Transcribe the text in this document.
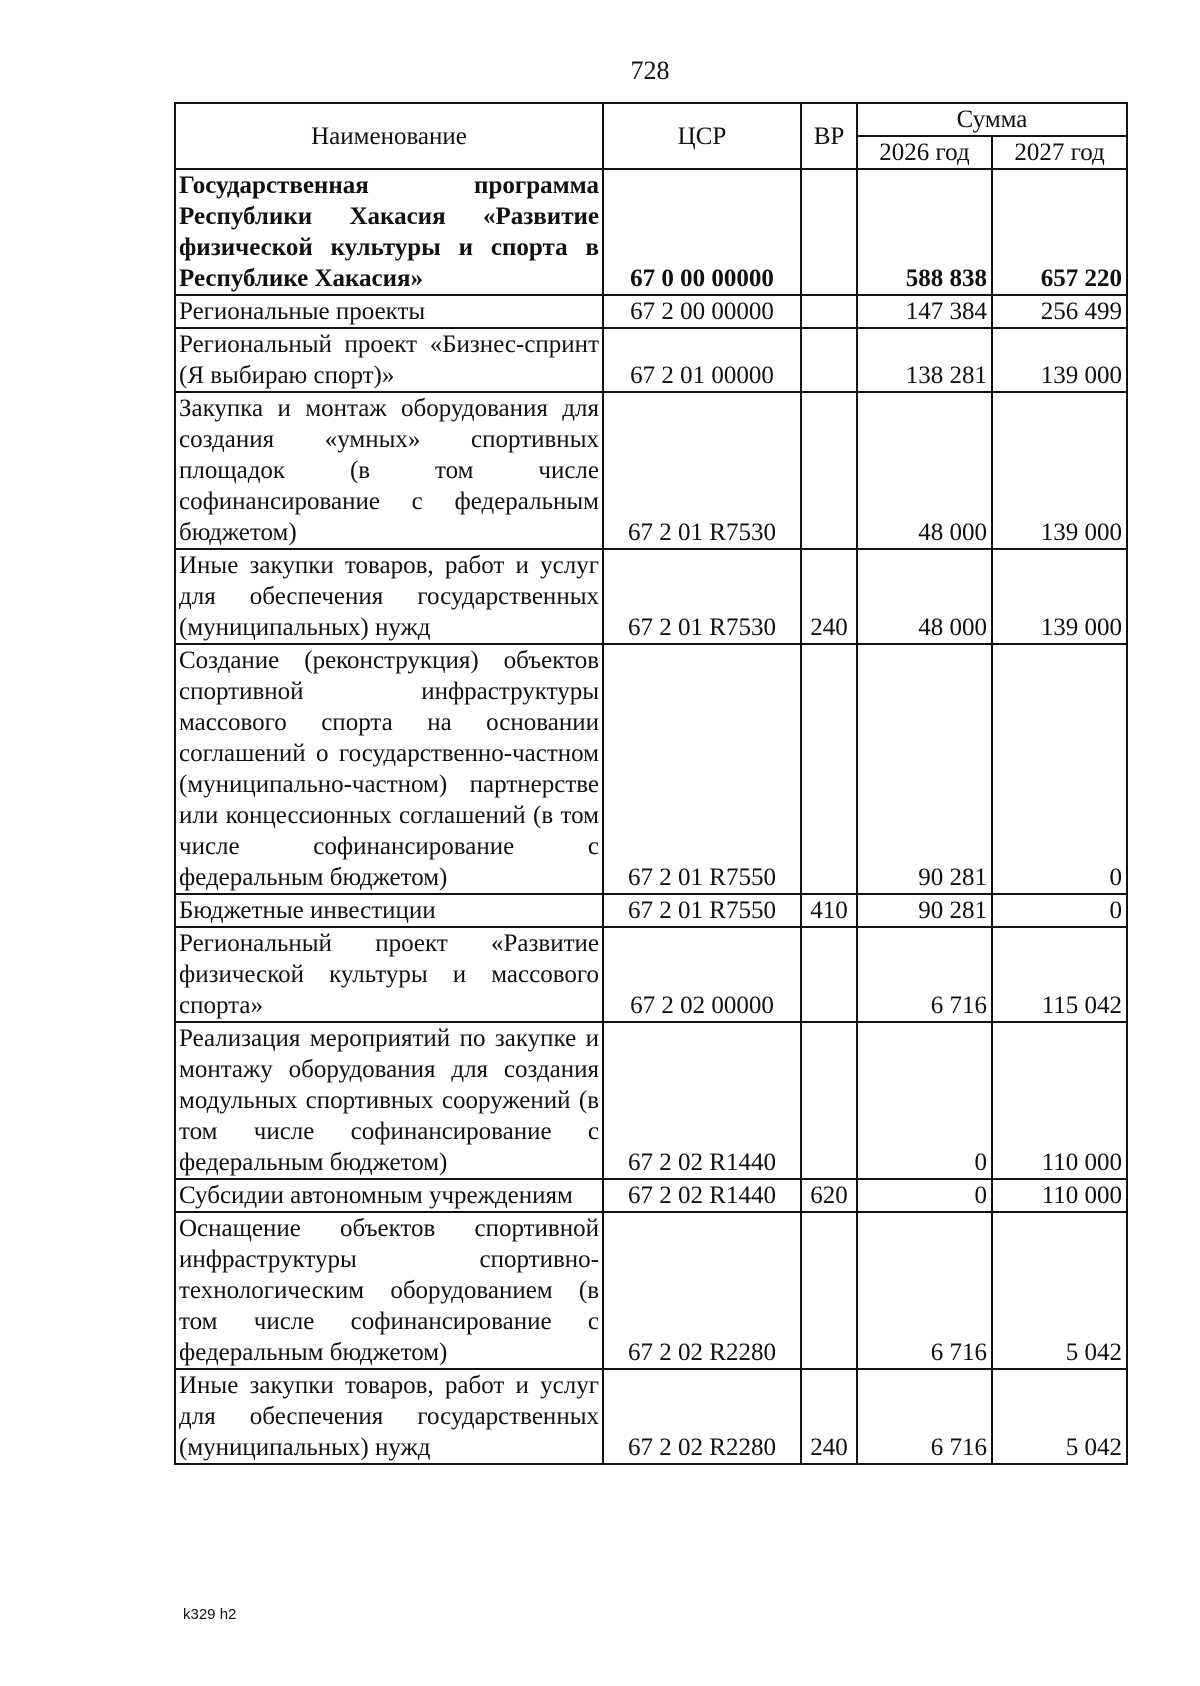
728
Наименование	ЦСР	ВР	Сумма	
			2026 год	2027 год
Государственная программа Республики Хакасия «Развитие физической культуры и спорта в Республике Хакасия»	67 0 00 00000		588 838	657 220
Региональные проекты	67 2 00 00000		147 384	256 499
Региональный проект «Бизнес-спринт (Я выбираю спорт)»	67 2 01 00000		138 281	139 000
Закупка и монтаж оборудования для создания «умных» спортивных площадок (в том числе софинансирование с федеральным бюджетом)	67 2 01 R7530		48 000	139 000
Иные закупки товаров, работ и услуг для обеспечения государственных (муниципальных) нужд	67 2 01 R7530	240	48 000	139 000
Создание (реконструкция) объектов спортивной инфраструктуры массового спорта на основании соглашений о государственно-частном (муниципально-частном) партнерстве или концессионных соглашений (в том числе софинансирование с федеральным бюджетом)	67 2 01 R7550		90 281	0
Бюджетные инвестиции	67 2 01 R7550	410	90 281	0
Региональный проект «Развитие физической культуры и массового спорта»	67 2 02 00000		6 716	115 042
Реализация мероприятий по закупке и монтажу оборудования для создания модульных спортивных сооружений (в том числе софинансирование с федеральным бюджетом)	67 2 02 R1440		0	110 000
Субсидии автономным учреждениям	67 2 02 R1440	620	0	110 000
Оснащение объектов спортивной инфраструктуры спортивно-технологическим оборудованием (в том числе софинансирование с федеральным бюджетом)	67 2 02 R2280		6 716	5 042
Иные закупки товаров, работ и услуг для обеспечения государственных (муниципальных) нужд	67 2 02 R2280	240	6 716	5 042
k329 h2
